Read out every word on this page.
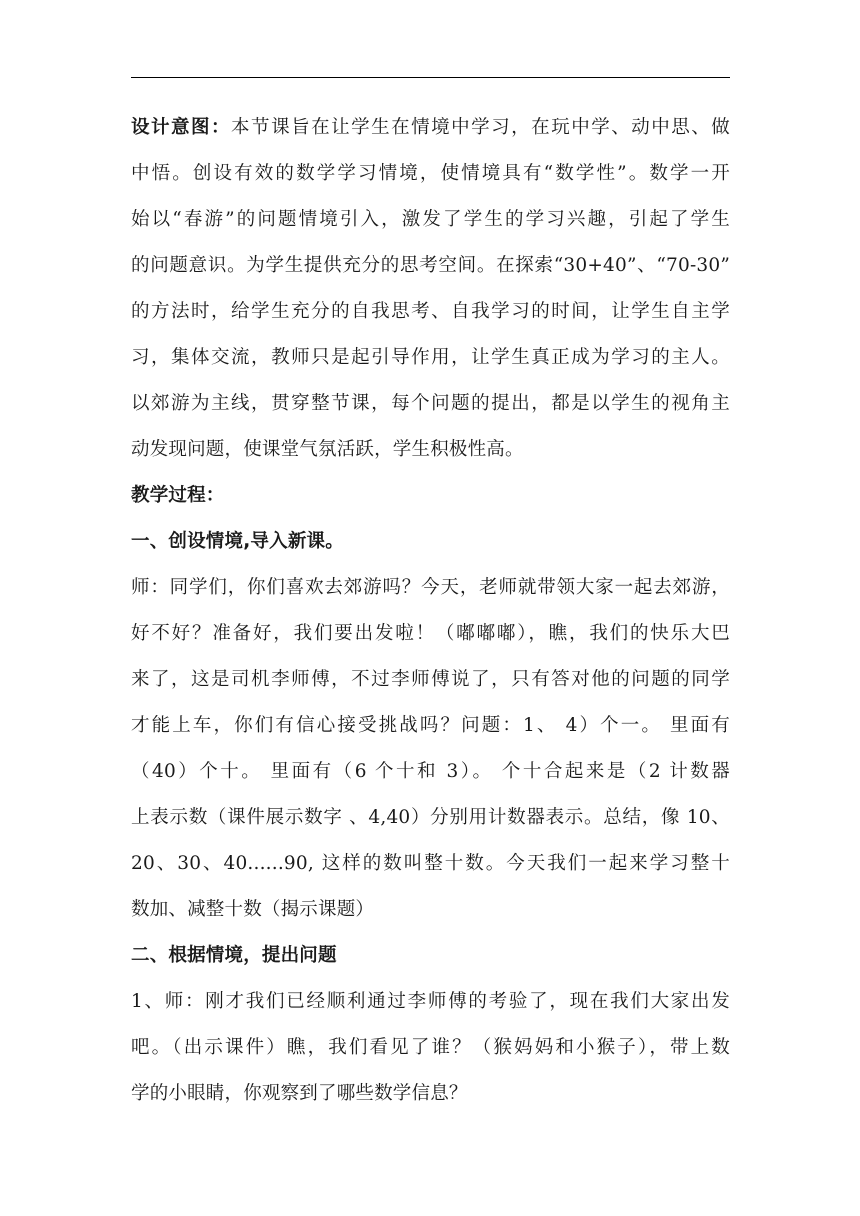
设计意图：本节课旨在让学生在情境中学习，在玩中学、动中思、做
中悟。创设有效的数学学习情境，使情境具有“数学性”。数学一开
始以“春游”的问题情境引入，激发了学生的学习兴趣，引起了学生
的问题意识。为学生提供充分的思考空间。在探索“30+40”、“70-30”
的方法时，给学生充分的自我思考、自我学习的时间，让学生自主学
习，集体交流，教师只是起引导作用，让学生真正成为学习的主人。
以郊游为主线，贯穿整节课，每个问题的提出，都是以学生的视角主
动发现问题，使课堂气氛活跃，学生积极性高。
教学过程：
一、创设情境,导入新课。
师：同学们，你们喜欢去郊游吗？今天，老师就带领大家一起去郊游，
好不好？准备好，我们要出发啦！（嘟嘟嘟），瞧，我们的快乐大巴
来了，这是司机李师傅，不过李师傅说了，只有答对他的问题的同学
才能上车，你们有信心接受挑战吗？问题：1、 4）个一。 里面有
（40）个十。 里面有（6 个十和 3）。 个十合起来是（2 计数器
上表示数（课件展示数字 、4,40）分别用计数器表示。总结，像 10、
20、30、40......90, 这样的数叫整十数。今天我们一起来学习整十
数加、减整十数（揭示课题）
二、根据情境，提出问题
1、师：刚才我们已经顺利通过李师傅的考验了，现在我们大家出发
吧。（出示课件）瞧，我们看见了谁？（猴妈妈和小猴子），带上数
学的小眼睛，你观察到了哪些数学信息？
